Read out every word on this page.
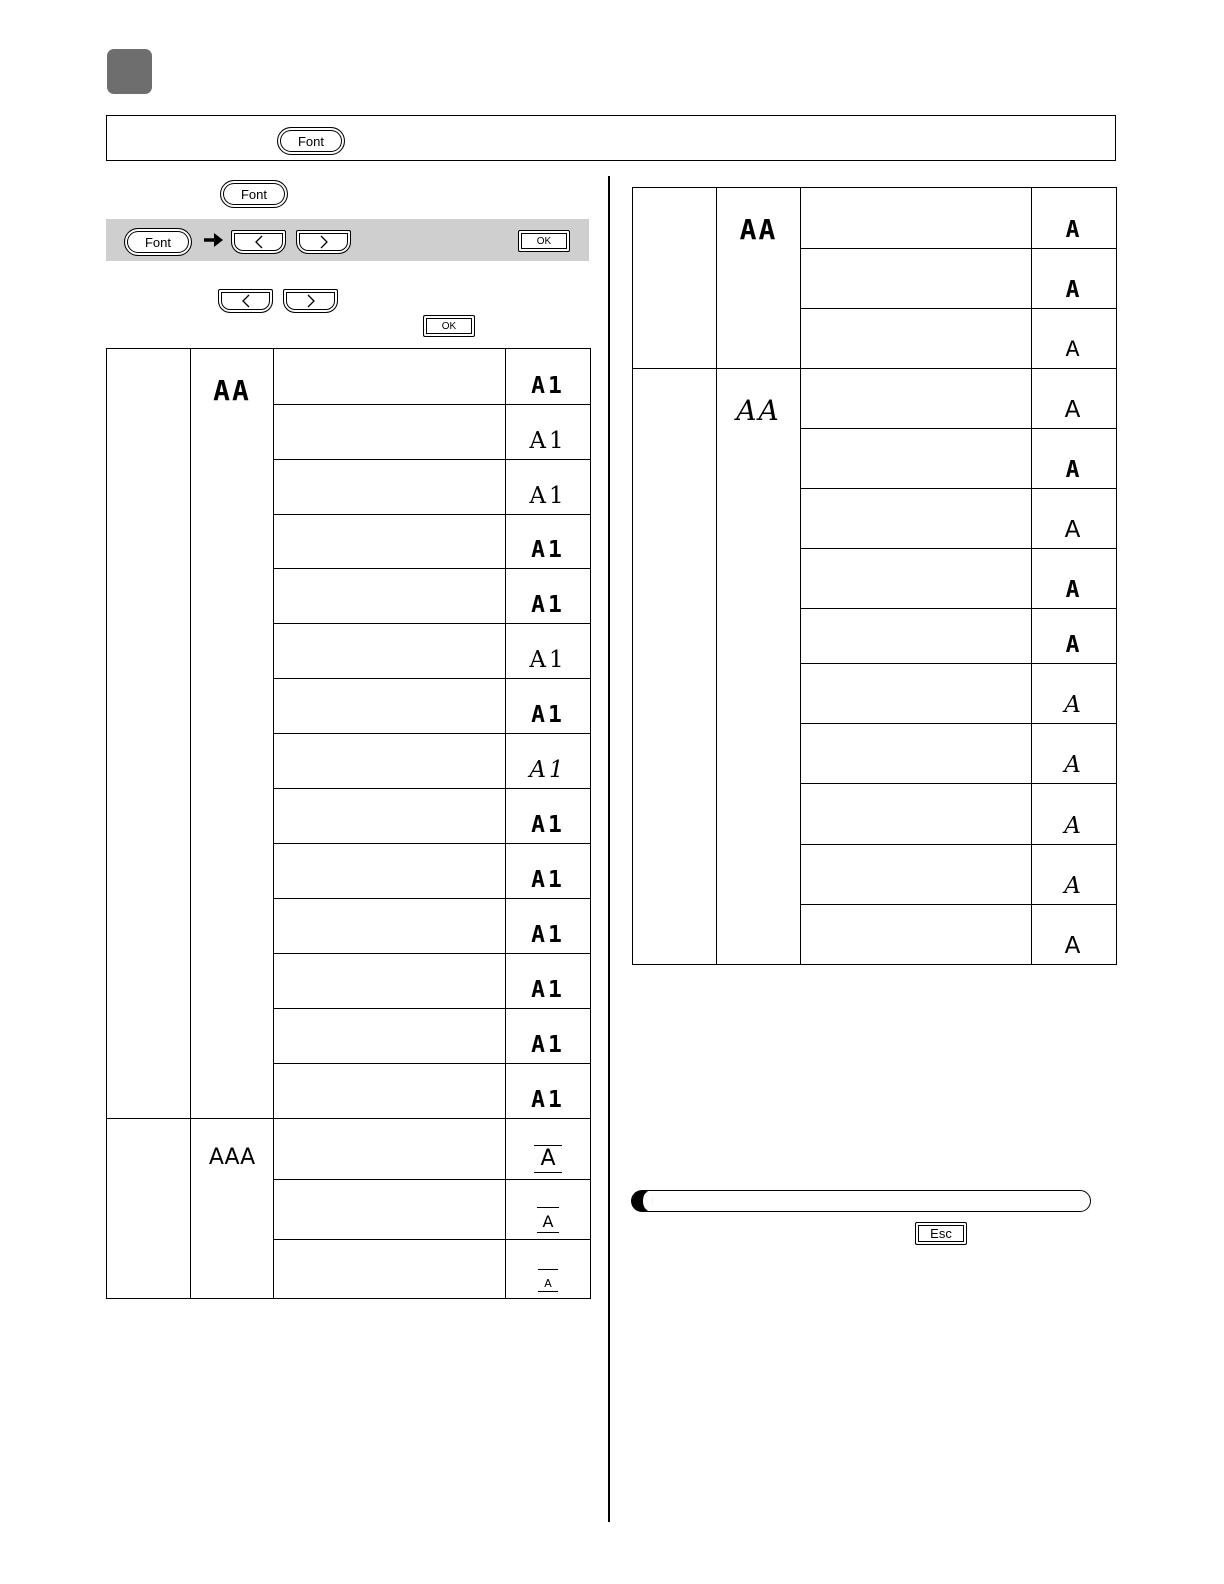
Font
Font
Font	OK
OK
	AA		A1
			A1
			A1
			A1
			A1
			A1
			A1
			A1
			A1
			A1
			A1
			A1
			A1
			A1
	AAA		A
			A
			A
	AA		A
			A
			A
	AA		A
			A
			A
			A
			A
			A
			A
			A
			A
			A
Esc
